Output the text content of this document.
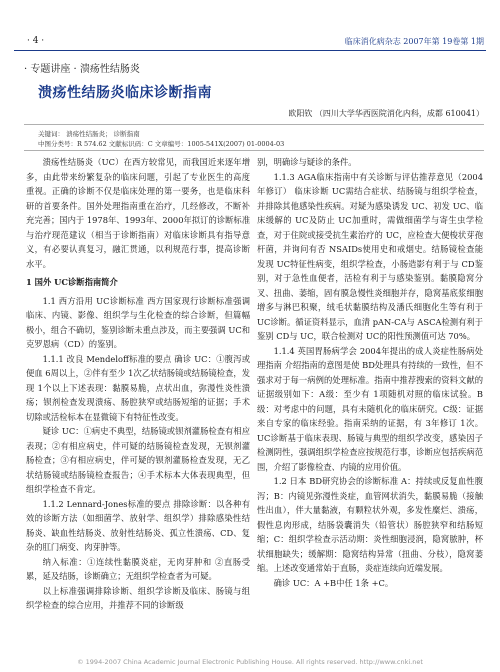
· 4 ·	临床消化病杂志 2007年第 19卷第 1期
· 专题讲座 · 溃疡性结肠炎
溃疡性结肠炎临床诊断指南
欧阳钦 （四川大学华西医院消化内科，成都 610041）
关键词： 溃疡性结肠炎； 诊断指南
中图分类号：R 574.62 文献标识码：C 文章编号：1005-541X(2007) 01-0004-03

溃疡性结肠炎（UC）在西方较常见，而我国近来逐年增多，由此带来纷繁复杂的临床问题，引起了专业医生的高度重视。正确的诊断不仅是临床处理的第一要务，也是临床科研的首要条件。国外处理指南重在治疗，几经修改，不断补充完善；国内于 1978年、1993年、2000年拟订的诊断标准与治疗现范建议（相当于诊断指南）对临床诊断具有指导意义，有必要认真复习，融汇贯通，以利规范行事，提高诊断水平。

1 国外 UC诊断指南简介

1.1 西方沿用 UC诊断标准 西方国家现行诊断标准强调临床、内镜、影像、组织学与生化检查的综合诊断，但篇幅极小，组合不确切，鉴别诊断未重点涉及，而主要强调 UC和克罗恩病（CD）的鉴别。

1.1.1 改良 Mendeloff标准的要点 确诊 UC：①腹泻或便血 6周以上，②伴有至少 1次乙状结肠镜或结肠镜检查，发现 1个以上下述表现：黏膜易脆，点状出血，弥漫性炎性溃疡；钡剂检查发现溃疡、肠腔狭窄或结肠短缩的证据；手术切除或活检标本在显微镜下有特征性改变。

疑诊 UC：①病史不典型，结肠镜或钡剂灌肠检查有相应表现；②有相应病史，伴可疑的结肠镜检查发现，无钡剂灌肠检查；③有相应病史，伴可疑的钡剂灌肠检查发现，无乙状结肠镜或结肠镜检查报告；④手术标本大体表现典型，但组织学检查不肯定。

1.1.2 Lennard-Jones标准的要点 排除诊断：以各种有效的诊断方法（如细菌学、放射学、组织学）排除感染性结肠炎、缺血性结肠炎、放射性结肠炎、孤立性溃疡、CD、复杂的肛门病变、肉芽肿等。

纳入标准：①连续性黏膜炎症，无肉芽肿和 ②直肠受累，延及结肠，诊断确立；无组织学检查者为可疑。

以上标准强调排除诊断、组织学诊断及临床、肠镜与组织学检查的综合应用，并推荐不同的诊断级

别，明确诊与疑诊的条件。

1.1.3 AGA临床指南中有关诊断与评估推荐意见（2004年修订） 临床诊断 UC需结合症状、结肠镜与组织学检查，并排除其他感染性疾病。对疑为感染诱发 UC、初发 UC、临床缓解的 UC及防止 UC加重时，需做细菌学与寄生虫学检查，对于住院或接受抗生素治疗的 UC，应检查大便梭状芽孢杆菌，并询问有否 NSAIDs使用史和戒烟史。结肠镜检查能发现 UC特征性病变，组织学检查，小肠造影有利于与 CD鉴别，对于急性血便者，活检有利于与感染鉴别。黏膜隐窝分叉、扭曲、萎缩，固有膜急慢性炎细胞并存，隐窝基底浆细胞增多与淋巴积聚，绒毛状黏膜结构及潘氏细胞化生等有利于 UC诊断。循证资料显示，血清 pAN-CA与 ASCA检测有利于鉴别 CD与 UC，联合检测对 UC的阳性预测值可达 70%。

1.1.4 英国胃肠病学会 2004年提出的成人炎症性肠病处理指南 介绍指南的意图是使 BD处理具有持续的一致性，但不强求对于每一病例的处理标准。指南中推荐搜索的资料文献的证据级别如下：A级：至少有 1项随机对照的临床试验。B级：对考虑中的问题，具有未随机化的临床研究。C级：证据来自专家的临床经验。指南采纳的证据，有 3年修订 1次。UC诊断基于临床表现、肠镜与典型的组织学改变，感染因子检测阴性，强调组织学检查应按规范行事，诊断应包括疾病范围，介绍了影像检查、内镜的应用价值。

1.2 日本 BD研究协会的诊断标准 A：持续或反复血性腹泻；B：内镜见弥漫性炎症，血管网状消失，黏膜易脆（接触性出血），伴大量黏液，有颗粒状外观，多发性糜烂、溃疡，假性息肉形成，结肠袋囊消失（铅管状）肠腔狭窄和结肠短缩；C：组织学检查示活动期：炎性细胞浸润，隐窝脓肿，杯状细胞缺失；缓解期：隐窝结构异常（扭曲、分枝），隐窝萎缩。上述改变通常始于直肠，炎症连续向近端发展。

确诊 UC：A +B中任 1条 +C。

© 1994-2007 China Academic Journal Electronic Publishing House. All rights reserved. http://www.cnki.net
